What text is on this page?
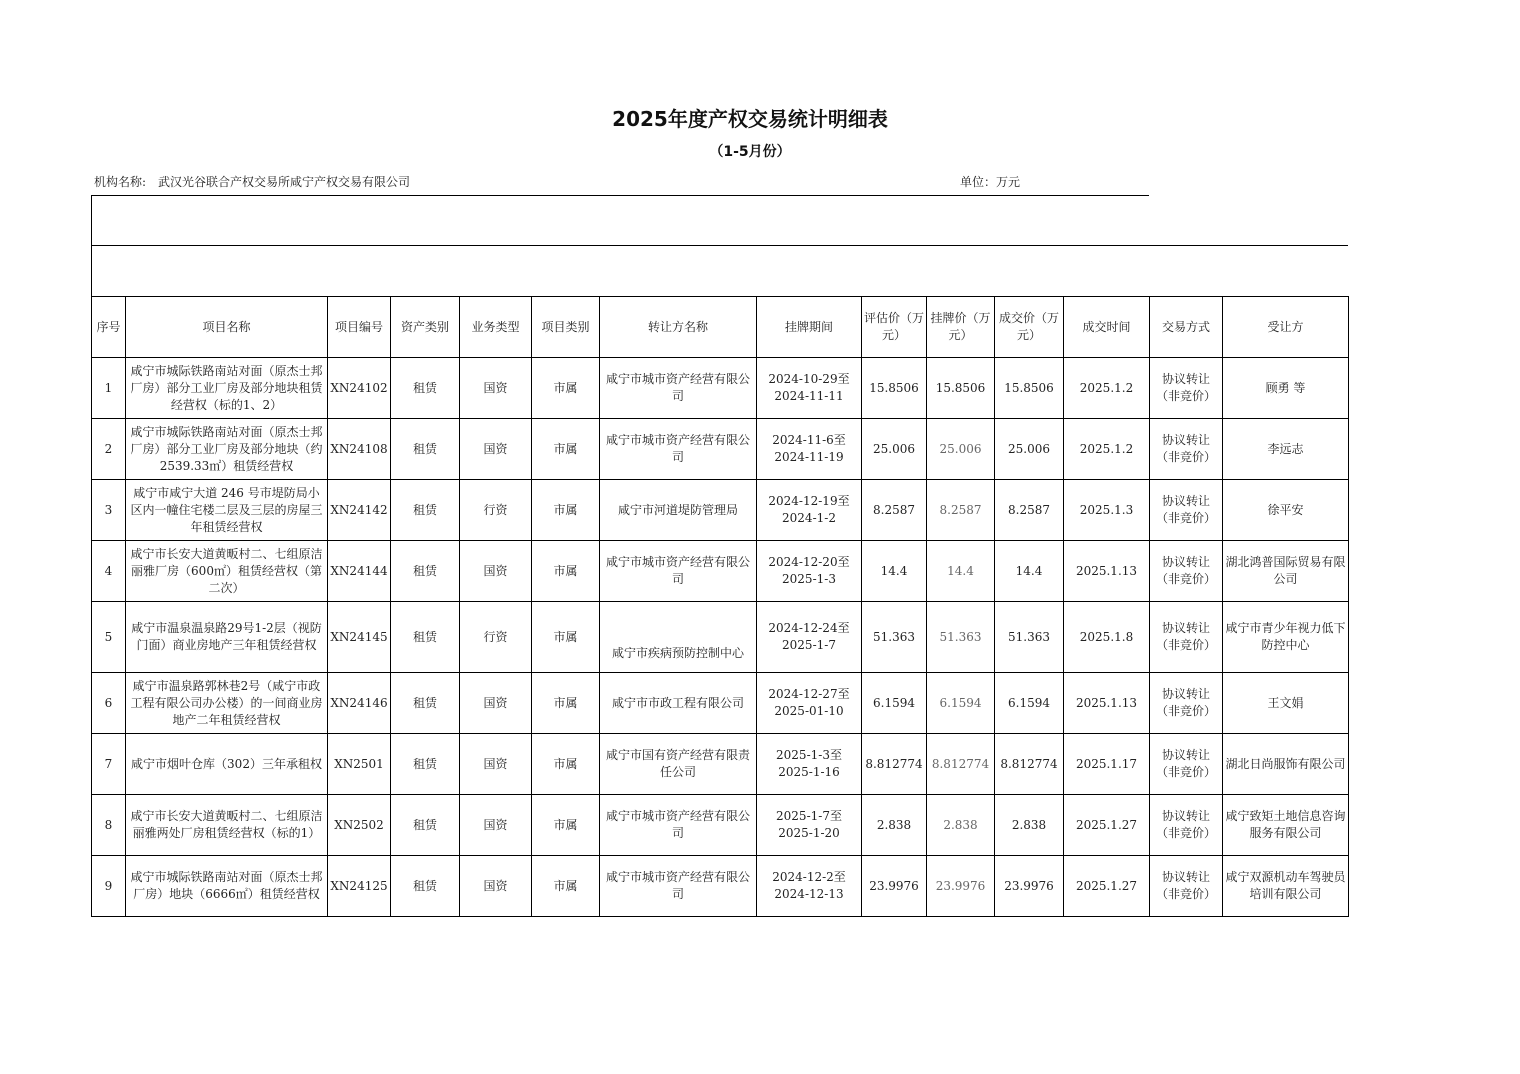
2025年度产权交易统计明细表
（1-5月份）
机构名称: 武汉光谷联合产权交易所咸宁产权交易有限公司	单位：万元
序号	项目名称	项目编号	资产类别	业务类型	项目类别	转让方名称	挂牌期间	评估价（万元）	挂牌价（万元）	成交价（万元）	成交时间	交易方式	受让方
1	咸宁市城际铁路南站对面（原杰士邦厂房）部分工业厂房及部分地块租赁经营权（标的1、2）	XN24102	租赁	国资	市属	咸宁市城市资产经营有限公司	2024-10-29至2024-11-11	15.8506	15.8506	15.8506	2025.1.2	协议转让（非竞价）	顾勇 等
2	咸宁市城际铁路南站对面（原杰士邦厂房）部分工业厂房及部分地块（约2539.33㎡）租赁经营权	XN24108	租赁	国资	市属	咸宁市城市资产经营有限公司	2024-11-6至2024-11-19	25.006	25.006	25.006	2025.1.2	协议转让（非竞价）	李远志
3	咸宁市咸宁大道 246 号市堤防局小区内一幢住宅楼二层及三层的房屋三年租赁经营权	XN24142	租赁	行资	市属	咸宁市河道堤防管理局	2024-12-19至2024-1-2	8.2587	8.2587	8.2587	2025.1.3	协议转让（非竞价）	徐平安
4	咸宁市长安大道黄畈村二、七组原洁丽雅厂房（600㎡）租赁经营权（第二次）	XN24144	租赁	国资	市属	咸宁市城市资产经营有限公司	2024-12-20至2025-1-3	14.4	14.4	14.4	2025.1.13	协议转让（非竞价）	湖北鸿普国际贸易有限公司
5	咸宁市温泉温泉路29号1-2层（视防门面）商业房地产三年租赁经营权	XN24145	租赁	行资	市属	咸宁市疾病预防控制中心	2024-12-24至2025-1-7	51.363	51.363	51.363	2025.1.8	协议转让（非竞价）	咸宁市青少年视力低下防控中心
6	咸宁市温泉路郭林巷2号（咸宁市政工程有限公司办公楼）的一间商业房地产二年租赁经营权	XN24146	租赁	国资	市属	咸宁市市政工程有限公司	2024-12-27至2025-01-10	6.1594	6.1594	6.1594	2025.1.13	协议转让（非竞价）	王文娟
7	咸宁市烟叶仓库（302）三年承租权	XN2501	租赁	国资	市属	咸宁市国有资产经营有限责任公司	2025-1-3至2025-1-16	8.812774	8.812774	8.812774	2025.1.17	协议转让（非竞价）	湖北日尚服饰有限公司
8	咸宁市长安大道黄畈村二、七组原洁丽雅两处厂房租赁经营权（标的1）	XN2502	租赁	国资	市属	咸宁市城市资产经营有限公司	2025-1-7至2025-1-20	2.838	2.838	2.838	2025.1.27	协议转让（非竞价）	咸宁致矩土地信息咨询服务有限公司
9	咸宁市城际铁路南站对面（原杰士邦厂房）地块（6666㎡）租赁经营权	XN24125	租赁	国资	市属	咸宁市城市资产经营有限公司	2024-12-2至2024-12-13	23.9976	23.9976	23.9976	2025.1.27	协议转让（非竞价）	咸宁双源机动车驾驶员培训有限公司
